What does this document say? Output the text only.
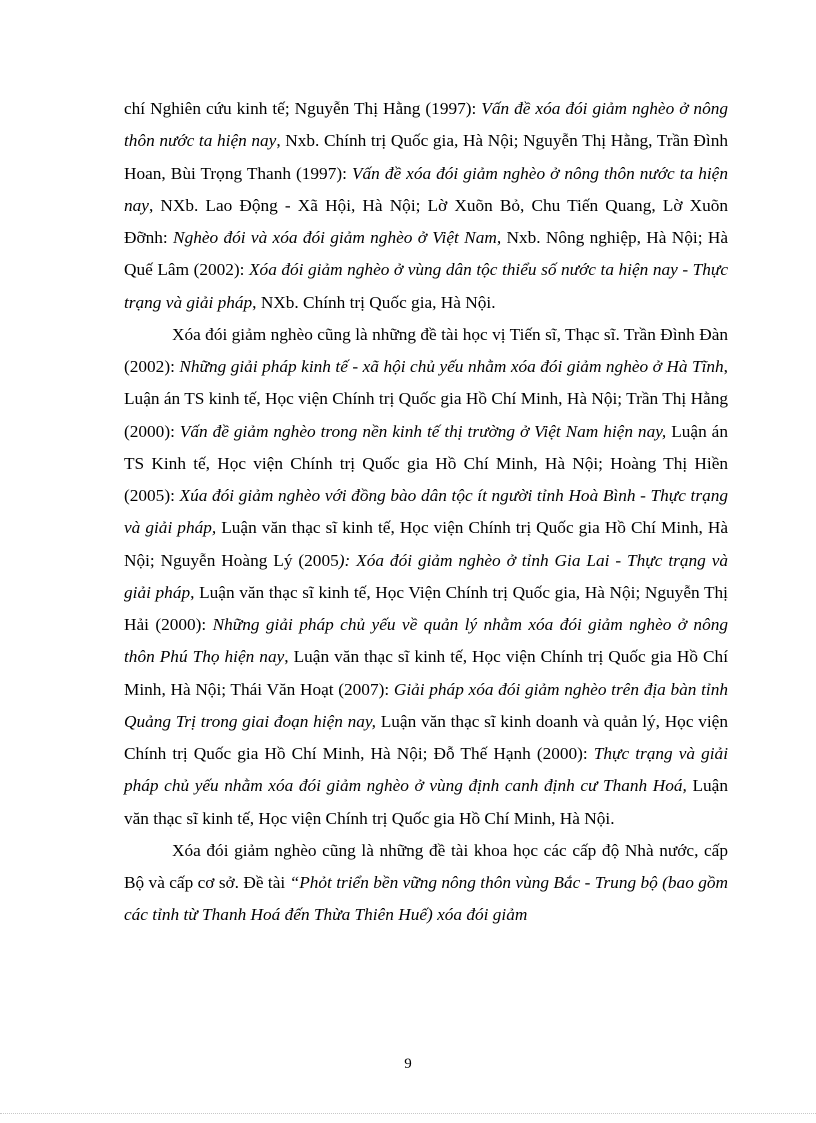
chí Nghiên cứu kinh tế; Nguyễn Thị Hằng (1997): Vấn đề xóa đói giảm nghèo ở nông thôn nước ta hiện nay, Nxb. Chính trị Quốc gia, Hà Nội; Nguyễn Thị Hằng, Trần Đình Hoan, Bùi Trọng Thanh (1997): Vấn đề xóa đói giảm nghèo ở nông thôn nước ta hiện nay, NXb. Lao Động - Xã Hội, Hà Nội; Lờ Xuõn Bỏ, Chu Tiến Quang, Lờ Xuõn Đỡnh: Nghèo đói và xóa đói giảm nghèo ở Việt Nam, Nxb. Nông nghiệp, Hà Nội; Hà Quế Lâm (2002): Xóa đói giảm nghèo ở vùng dân tộc thiểu số nước ta hiện nay - Thực trạng và giải pháp, NXb. Chính trị Quốc gia, Hà Nội.

Xóa đói giảm nghèo cũng là những đề tài học vị Tiến sĩ, Thạc sĩ. Trần Đình Đàn (2002): Những giải pháp kinh tế - xã hội chủ yếu nhằm xóa đói giảm nghèo ở Hà Tĩnh, Luận án TS kinh tế, Học viện Chính trị Quốc gia Hồ Chí Minh, Hà Nội; Trần Thị Hằng (2000): Vấn đề giảm nghèo trong nền kinh tế thị trường ở Việt Nam hiện nay, Luận án TS Kinh tế, Học viện Chính trị Quốc gia Hồ Chí Minh, Hà Nội; Hoàng Thị Hiền (2005): Xúa đói giảm nghèo với đồng bào dân tộc ít người tỉnh Hoà Bình - Thực trạng và giải pháp, Luận văn thạc sĩ kinh tế, Học viện Chính trị Quốc gia Hồ Chí Minh, Hà Nội; Nguyễn Hoàng Lý (2005): Xóa đói giảm nghèo ở tỉnh Gia Lai - Thực trạng và giải pháp, Luận văn thạc sĩ kinh tế, Học Viện Chính trị Quốc gia, Hà Nội; Nguyễn Thị Hải (2000): Những giải pháp chủ yếu về quản lý nhằm xóa đói giảm nghèo ở nông thôn Phú Thọ hiện nay, Luận văn thạc sĩ kinh tế, Học viện Chính trị Quốc gia Hồ Chí Minh, Hà Nội; Thái Văn Hoạt (2007): Giải pháp xóa đói giảm nghèo trên địa bàn tỉnh Quảng Trị trong giai đoạn hiện nay, Luận văn thạc sĩ kinh doanh và quản lý, Học viện Chính trị Quốc gia Hồ Chí Minh, Hà Nội; Đỗ Thế Hạnh (2000): Thực trạng và giải pháp chủ yếu nhằm xóa đói giảm nghèo ở vùng định canh định cư Thanh Hoá, Luận văn thạc sĩ kinh tế, Học viện Chính trị Quốc gia Hồ Chí Minh, Hà Nội.

Xóa đói giảm nghèo cũng là những đề tài khoa học các cấp độ Nhà nước, cấp Bộ và cấp cơ sở. Đề tài “Phỏt triển bền vững nông thôn vùng Bắc - Trung bộ (bao gồm các tỉnh từ Thanh Hoá đến Thừa Thiên Huế) xóa đói giảm

9
